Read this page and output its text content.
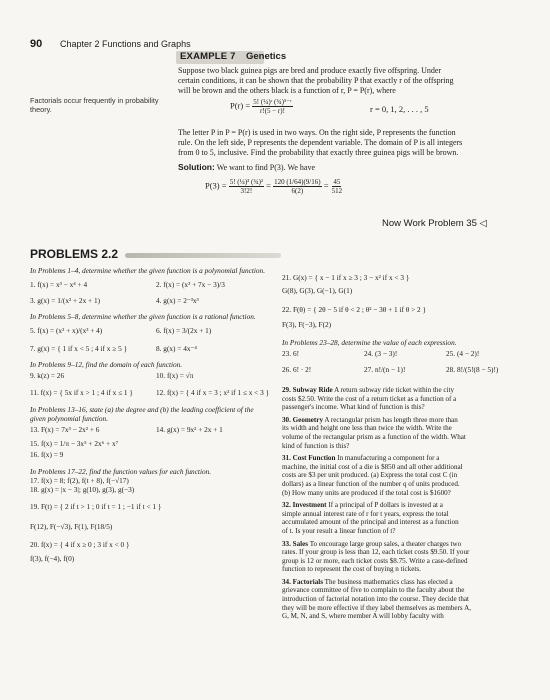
90 Chapter 2 Functions and Graphs
EXAMPLE 7 Genetics
Suppose two black guinea pigs are bred and produce exactly five offspring. Under
certain conditions, it can be shown that the probability P that exactly r of the offspring
will be brown and the others black is a function of r, P = P(r), where
Factorials occur frequently in probability theory.	$P(r) = \frac{\text{5! (¼)ʳ (¾)⁵⁻ʳ}}{r!(5 - r)!}$	r = 0, 1, 2, . . . , 5
The letter P in P = P(r) is used in two ways. On the right side, P represents the function
rule. On the left side, P represents the dependent variable. The domain of P is all integers
from 0 to 5, inclusive. Find the probability that exactly three guinea pigs will be brown.
Solution: We want to find P(3). We have
$P(3) = \frac{\text{5! (¼)³ (¾)²}}{3!2!} = \frac{120 (1/64)(9/16)}{6(2)} = \frac{45}{512}$
Now Work Problem 35 ◁
PROBLEMS 2.2
In Problems 1–4, determine whether the given function is a polynomial function.
1. f(x) = x³ − x⁴ + 4	2. f(x) = (x³ + 7x − 3)/3
3. g(x) = 1/(x² + 2x + 1)	4. g(x) = 2⁻³x³
In Problems 5–8, determine whether the given function is a rational function.
5. f(x) = (x² + x)/(x³ + 4)	6. f(x) = 3/(2x + 1)
7. g(x) = { 1 if x < 5 ; 4 if x ≥ 5 }	8. g(x) = 4x⁻⁴
In Problems 9–12, find the domain of each function.
9. k(z) = 26	10. f(x) = √π
11. f(x) = { 5x if x > 1 ; 4 if x ≤ 1 }	12. f(x) = { 4 if x = 3 ; x² if 1 ≤ x < 3 }
In Problems 13–16, state (a) the degree and (b) the leading coefficient of the given polynomial function.
13. F(x) = 7x³ − 2x² + 6	14. g(x) = 9x² + 2x + 1
15. f(x) = 1/π − 3x⁵ + 2x⁶ + x⁷
16. f(x) = 9
In Problems 17–22, find the function values for each function.
17. f(x) = 8; f(2), f(t + 8), f(−√17)
18. g(x) = |x − 3|; g(10), g(3), g(−3)
19. F(t) = { 2 if t > 1 ; 0 if t = 1 ; −1 if t < 1 }
F(12), F(−√3), F(1), F(18/5)
20. f(x) = { 4 if x ≥ 0 ; 3 if x < 0 }
f(3), f(−4), f(0)
21. G(x) = { x − 1 if x ≥ 3 ; 3 − x² if x < 3 }
G(8), G(3), G(−1), G(1)
22. F(θ) = { 2θ − 5 if θ < 2 ; θ² − 3θ + 1 if θ > 2 }
F(3), F(−3), F(2)
In Problems 23–28, determine the value of each expression.
23. 6!	24. (3 − 3)!	25. (4 − 2)!
26. 6! · 2!	27. n!/(n − 1)!	28. 8!/(5!(8 − 5)!)
29. Subway Ride A return subway ride ticket within the city
costs $2.50. Write the cost of a return ticket as a function of a
passenger's income. What kind of function is this?
30. Geometry A rectangular prism has length three more than
its width and height one less than twice the width. Write the
volume of the rectangular prism as a function of the width. What
kind of function is this?
31. Cost Function In manufacturing a component for a
machine, the initial cost of a die is $850 and all other additional
costs are $3 per unit produced. (a) Express the total cost C (in
dollars) as a linear function of the number q of units produced.
(b) How many units are produced if the total cost is $1600?
32. Investment If a principal of P dollars is invested at a
simple annual interest rate of r for t years, express the total
accumulated amount of the principal and interest as a function
of t. Is your result a linear function of t?
33. Sales To encourage large group sales, a theater charges two
rates. If your group is less than 12, each ticket costs $9.50. If your
group is 12 or more, each ticket costs $8.75. Write a case-defined
function to represent the cost of buying n tickets.
34. Factorials The business mathematics class has elected a
grievance committee of five to complain to the faculty about the
introduction of factorial notation into the course. They decide that
they will be more effective if they label themselves as members A,
G, M, N, and S, where member A will lobby faculty with
